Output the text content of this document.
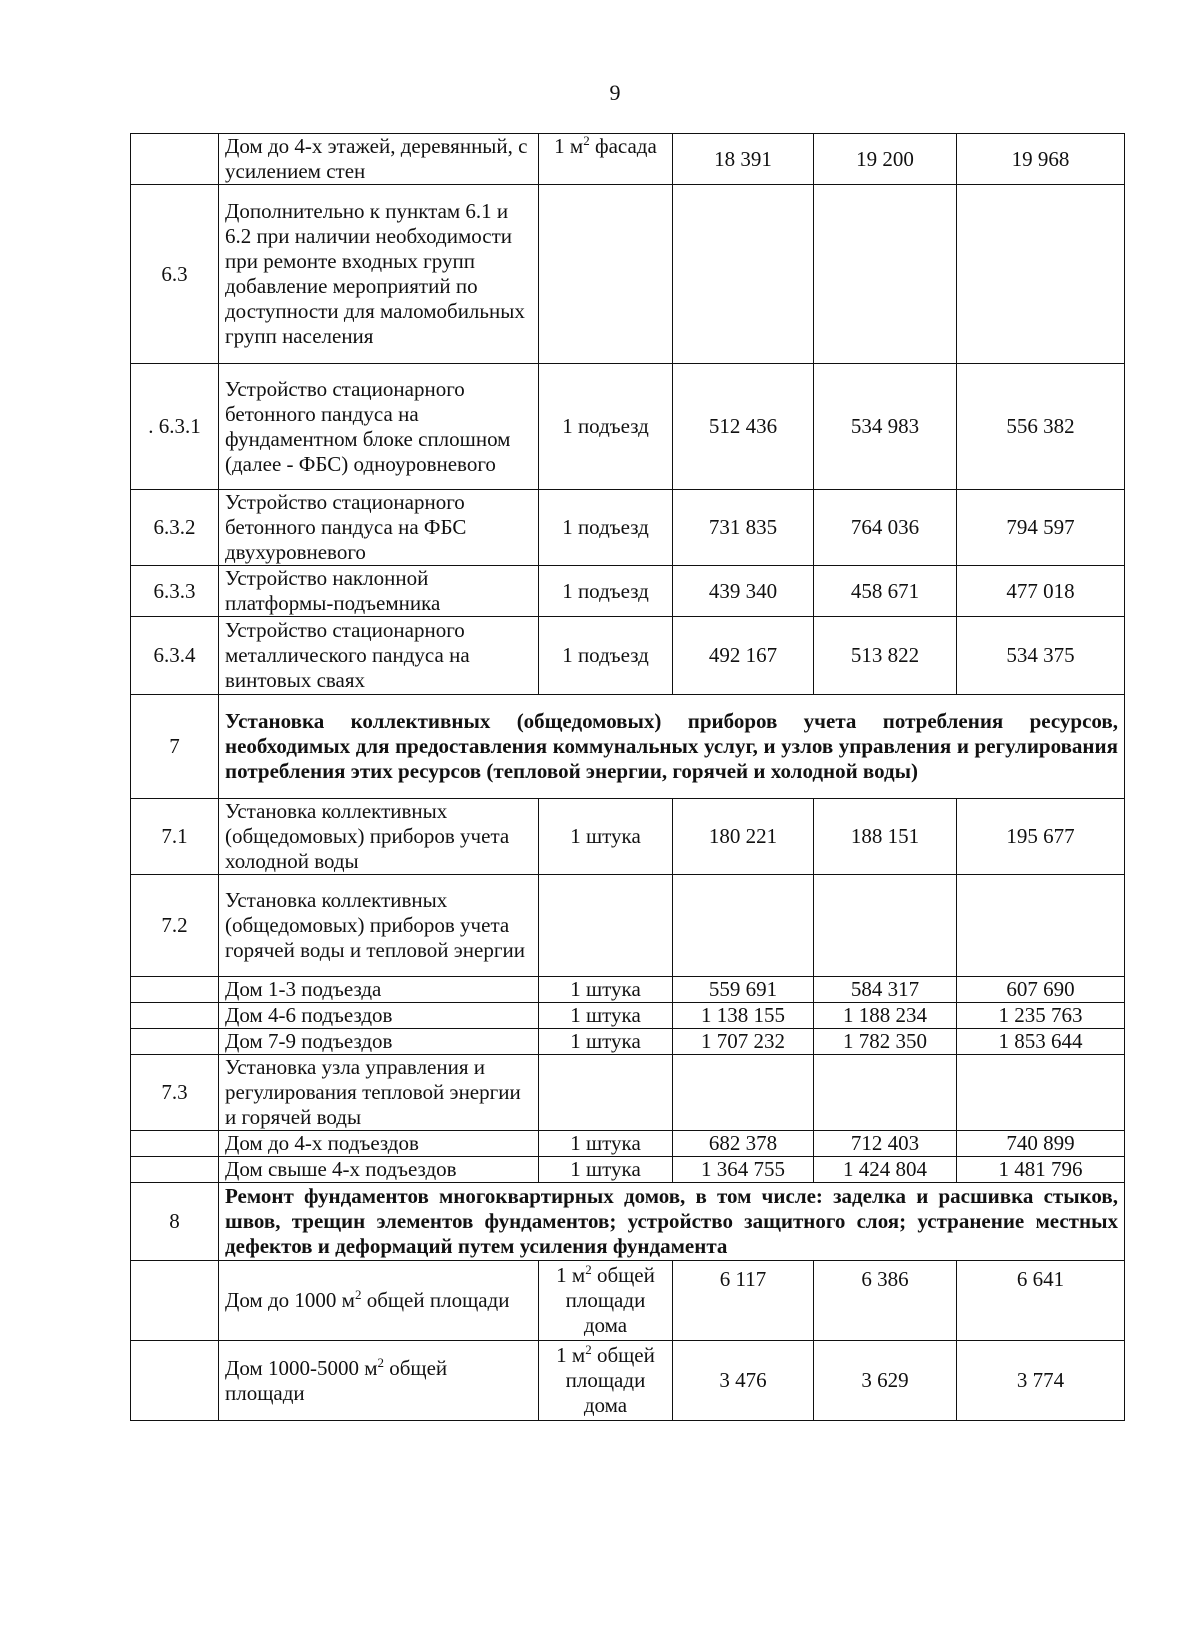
9
	Дом до 4-х этажей, деревянный, с усилением стен	1 $м^2$ фасада	18 391	19 200	19 968
6.3	Дополнительно к пунктам 6.1 и 6.2 при наличии необходимости при ремонте входных групп добавление мероприятий по доступности для маломобильных групп населения				
. 6.3.1	Устройство стационарного бетонного пандуса на фундаментном блоке сплошном (далее - ФБС) одноуровневого	1 подъезд	512 436	534 983	556 382
6.3.2	Устройство стационарного бетонного пандуса на ФБС двухуровневого	1 подъезд	731 835	764 036	794 597
6.3.3	Устройство наклонной платформы-подъемника	1 подъезд	439 340	458 671	477 018
6.3.4	Устройство стационарного металлического пандуса на винтовых сваях	1 подъезд	492 167	513 822	534 375
7	Установка коллективных (общедомовых) приборов учета потребления ресурсов, необходимых для предоставления коммунальных услуг, и узлов управления и регулирования потребления этих ресурсов (тепловой энергии, горячей и холодной воды)				
7.1	Установка коллективных (общедомовых) приборов учета холодной воды	1 штука	180 221	188 151	195 677
7.2	Установка коллективных (общедомовых) приборов учета горячей воды и тепловой энергии				
	Дом 1-3 подъезда	1 штука	559 691	584 317	607 690
	Дом 4-6 подъездов	1 штука	1 138 155	1 188 234	1 235 763
	Дом 7-9 подъездов	1 штука	1 707 232	1 782 350	1 853 644
7.3	Установка узла управления и регулирования тепловой энергии и горячей воды				
	Дом до 4-х подъездов	1 штука	682 378	712 403	740 899
	Дом свыше 4-х подъездов	1 штука	1 364 755	1 424 804	1 481 796
8	Ремонт фундаментов многоквартирных домов, в том числе: заделка и расшивка стыков, швов, трещин элементов фундаментов; устройство защитного слоя; устранение местных дефектов и деформаций путем усиления фундамента				
	Дом до 1000 $м^2$ общей площади	1 $м^2$ общей площади дома	6 117	6 386	6 641
	Дом 1000-5000 $м^2$ общей площади	1 $м^2$ общей площади дома	3 476	3 629	3 774
